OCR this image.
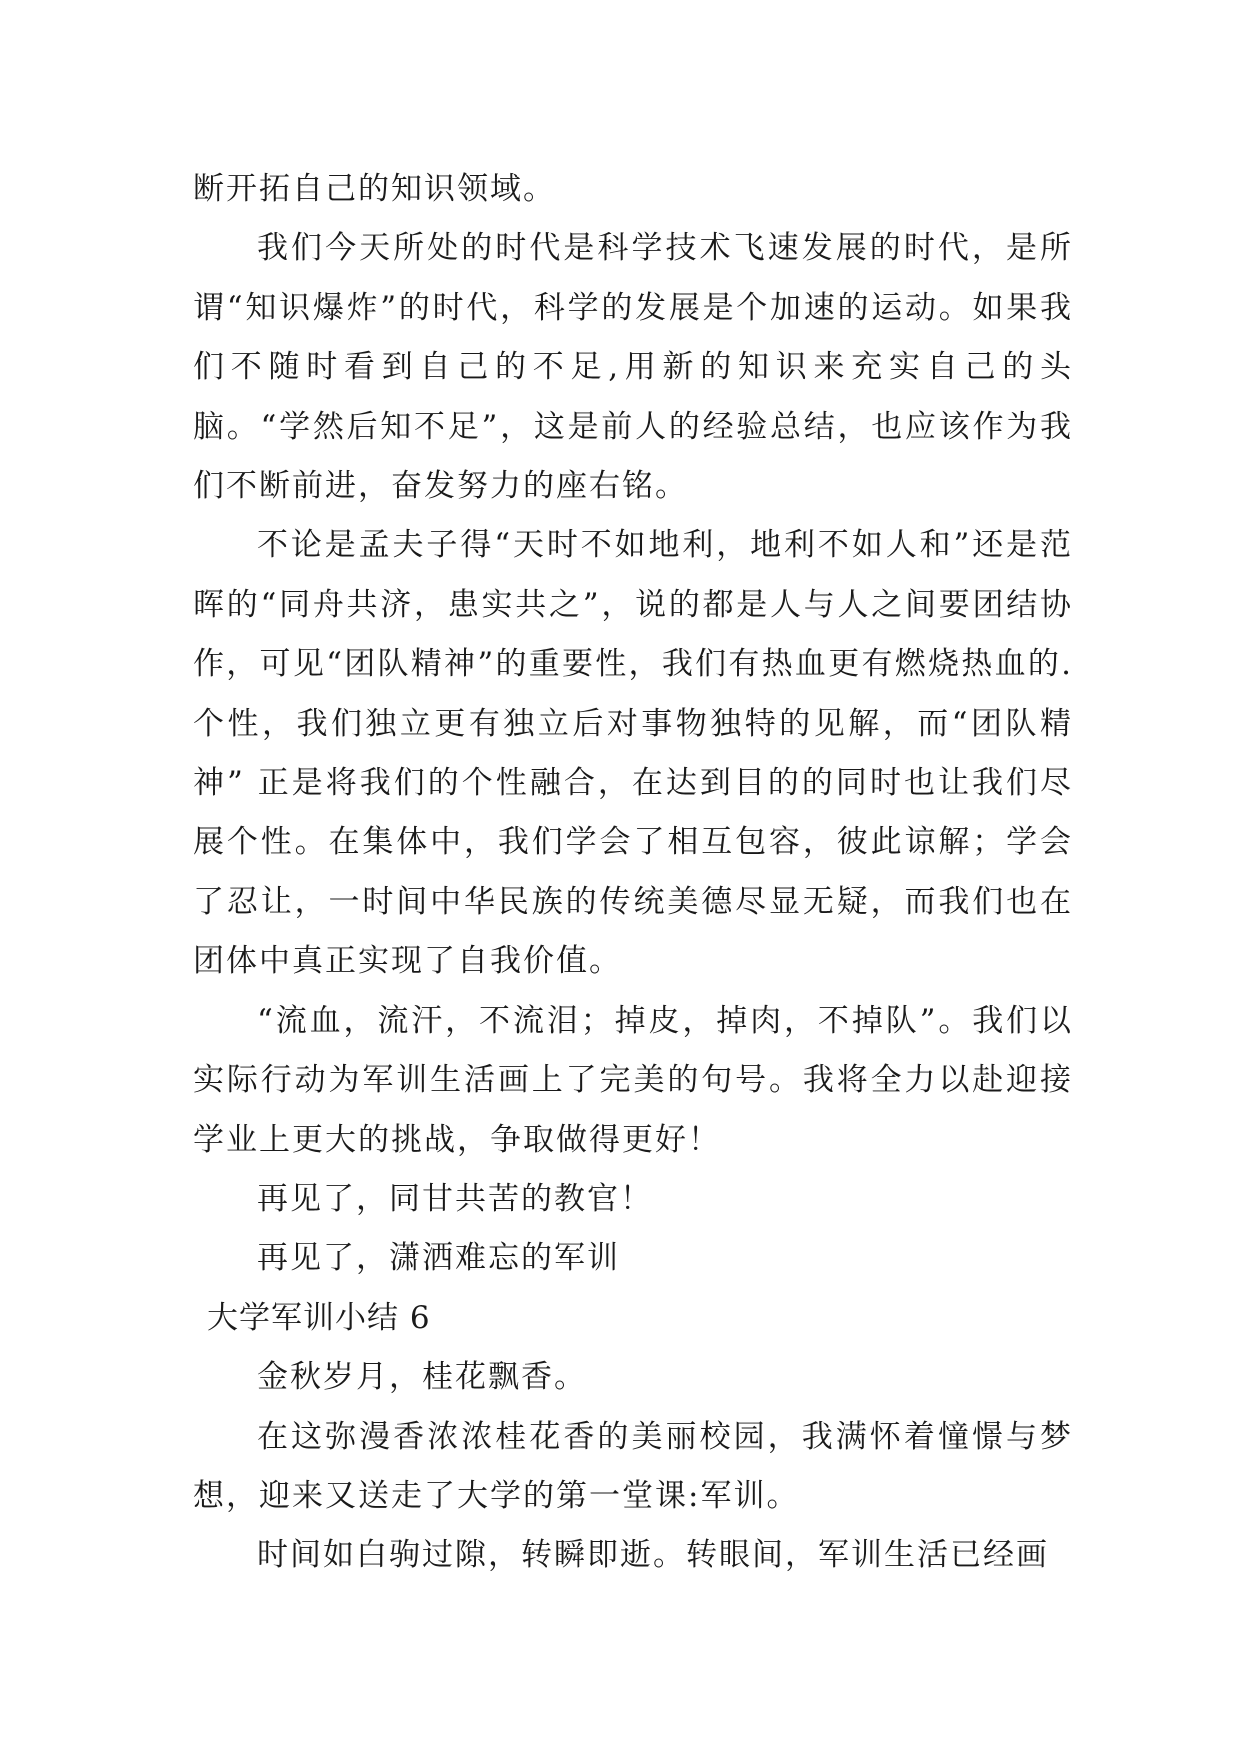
断开拓自己的知识领域。

我们今天所处的时代是科学技术飞速发展的时代，是所谓“知识爆炸”的时代，科学的发展是个加速的运动。如果我们不随时看到自己的不足,用新的知识来充实自己的头脑。“学然后知不足”，这是前人的经验总结，也应该作为我们不断前进，奋发努力的座右铭。

不论是孟夫子得“天时不如地利，地利不如人和”还是范晖的“同舟共济，患实共之”，说的都是人与人之间要团结协作，可见“团队精神”的重要性，我们有热血更有燃烧热血的.个性，我们独立更有独立后对事物独特的见解，而“团队精神” 正是将我们的个性融合，在达到目的的同时也让我们尽展个性。在集体中，我们学会了相互包容，彼此谅解；学会了忍让，一时间中华民族的传统美德尽显无疑，而我们也在团体中真正实现了自我价值。

“流血，流汗，不流泪；掉皮，掉肉，不掉队”。我们以实际行动为军训生活画上了完美的句号。我将全力以赴迎接学业上更大的挑战，争取做得更好！

再见了，同甘共苦的教官！

再见了，潇洒难忘的军训

大学军训小结 6

金秋岁月，桂花飘香。

在这弥漫香浓浓桂花香的美丽校园，我满怀着憧憬与梦想，迎来又送走了大学的第一堂课:军训。

时间如白驹过隙，转瞬即逝。转眼间，军训生活已经画
